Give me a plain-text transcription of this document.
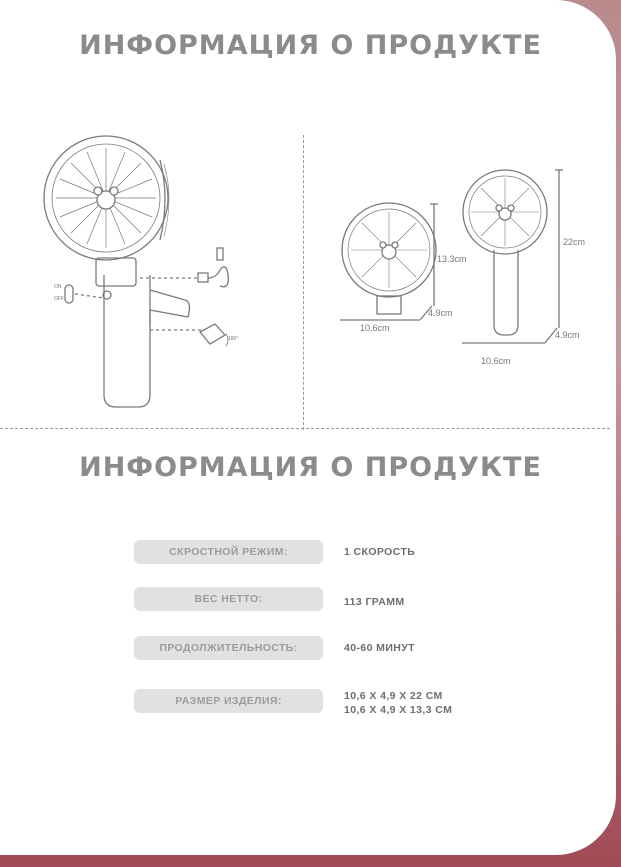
ИНФОРМАЦИЯ О ПРОДУКТЕ
ON
OFF
180°
13.3cm
4.9cm
10.6cm
22cm
4.9cm
10.6cm
ИНФОРМАЦИЯ О ПРОДУКТЕ
СКРОСТНОЙ РЕЖИМ:	1 СКОРОСТЬ
ВЕС НЕТТО:	113 ГРАММ
ПРОДОЛЖИТЕЛЬНОСТЬ:	40-60 МИНУТ
РАЗМЕР ИЗДЕЛИЯ:	10,6 Х 4,9 Х 22 СМ
10,6 Х 4,9 Х 13,3 СМ
